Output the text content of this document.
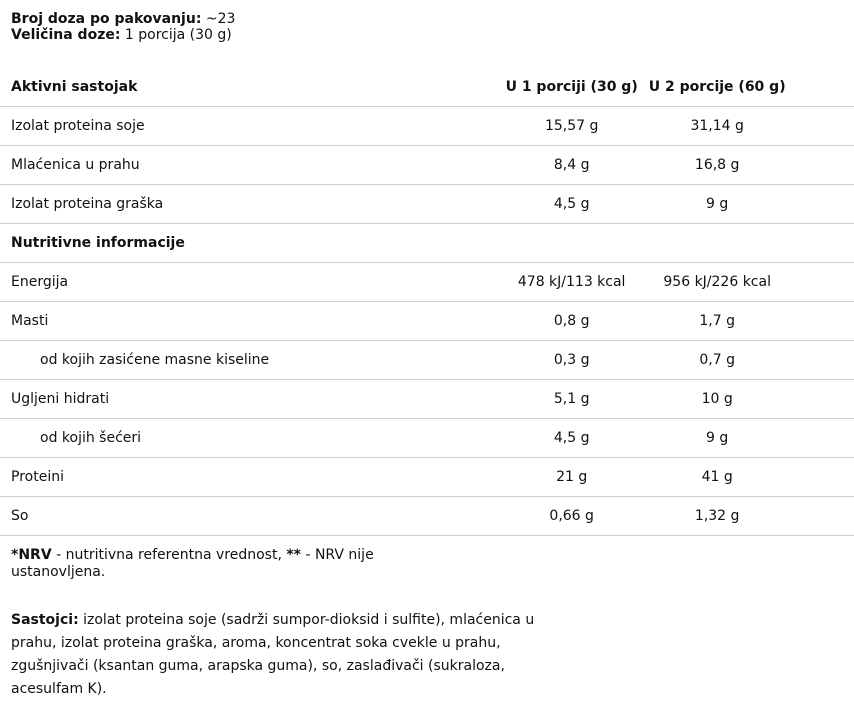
Broj doza po pakovanju: ~23
Veličina doze: 1 porcija (30 g)
Aktivni sastojak	U 1 porciji (30 g)	U 2 porcije (60 g)
Izolat proteina soje	15,57 g	31,14 g
Mlaćenica u prahu	8,4 g	16,8 g
Izolat proteina graška	4,5 g	9 g
Nutritivne informacije		
Energija	478 kJ/113 kcal	956 kJ/226 kcal
Masti	0,8 g	1,7 g
od kojih zasićene masne kiseline	0,3 g	0,7 g
Ugljeni hidrati	5,1 g	10 g
od kojih šećeri	4,5 g	9 g
Proteini	21 g	41 g
So	0,66 g	1,32 g
*NRV - nutritivna referentna vrednost, ** - NRV nije ustanovljena.
Sastojci: izolat proteina soje (sadrži sumpor-dioksid i sulfite), mlaćenica u prahu, izolat proteina graška, aroma, koncentrat soka cvekle u prahu, zgušnjivači (ksantan guma, arapska guma), so, zaslađivači (sukraloza, acesulfam K).
